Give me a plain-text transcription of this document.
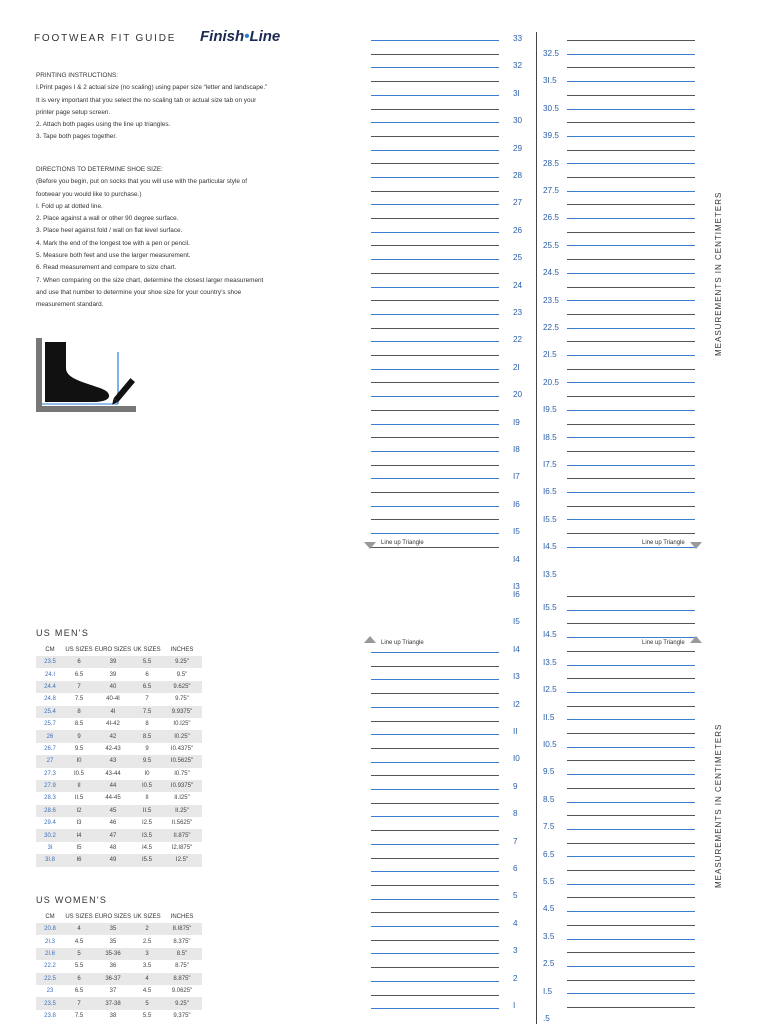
FOOTWEAR FIT GUIDE Finish•Line
PRINTING INSTRUCTIONS:
I.Print pages I & 2 actual size (no scaling) using paper size “letter and landscape.”
It is very important that you select the no scaling tab or actual size tab on your
printer page setup screen.
2. Attach both pages using the line up triangles.
3. Tape both pages together.
DIRECTIONS TO DETERMINE SHOE SIZE:
(Before you begin, put on socks that you will use with the particular style of
footwear you would like to purchase.)
I. Fold up at dotted line.
2. Place against a wall or other 90 degree surface.
3. Place heel against fold / wall on flat level surface.
4. Mark the end of the longest toe with a pen or pencil.
5. Measure both feet and use the larger measurement.
6. Read measurement and compare to size chart.
7. When comparing on the size chart, determine the closest larger measurement
and use that number to determine your shoe size for your country’s shoe
measurement standard.
US MEN'S
CM	US SIZES	EURO SIZES	UK SIZES	INCHES
23.5	6	39	5.5	9.25"
24.I	6.5	39	6	9.5"
24.4	7	40	6.5	9.625"
24.8	7.5	40-4I	7	9.75"
25.4	8	4I	7.5	9.9375"
25.7	8.5	4I-42	8	I0.I25"
26	9	42	8.5	I0.25"
26.7	9.5	42-43	9	I0.4375"
27	I0	43	9.5	I0.5625"
27.3	I0.5	43-44	I0	I0.75"
27.9	II	44	I0.5	I0.9375"
28.3	II.5	44-45	II	II.I25"
28.6	I2	45	II.5	II.25"
29.4	I3	46	I2.5	II.5625"
30.2	I4	47	I3.5	II.875"
3I	I5	48	I4.5	I2.I875"
3I.8	I6	49	I5.5	I2.5"
US WOMEN'S
CM	US SIZES	EURO SIZES	UK SIZES	INCHES
20.8	4	35	2	8.I875"
2I.3	4.5	35	2.5	8.375"
2I.6	5	35-36	3	8.5"
22.2	5.5	36	3.5	8.75"
22.5	6	36-37	4	8.875"
23	6.5	37	4.5	9.0625"
23.5	7	37-38	5	9.25"
23.8	7.5	38	5.5	9.375"
33
32
3I
30
29
28
27
26
25
24
23
22
2I
20
I9
I8
I7
I6
I5
I4
I3
32.5
3I.5
30.5
39.5
28.5
27.5
26.5
25.5
24.5
23.5
22.5
2I.5
20.5
I9.5
I8.5
I7.5
I6.5
I5.5
I4.5
I3.5
I6
I5
I4
I3
I2
II
I0
9
8
7
6
5
4
3
2
I
I5.5
I4.5
I3.5
I2.5
II.5
I0.5
9.5
8.5
7.5
6.5
5.5
4.5
3.5
2.5
I.5
.5
MEASUREMENTS IN CENTIMETERS
MEASUREMENTS IN CENTIMETERS
Line up Triangle	Line up Triangle
Line up Triangle	Line up Triangle
